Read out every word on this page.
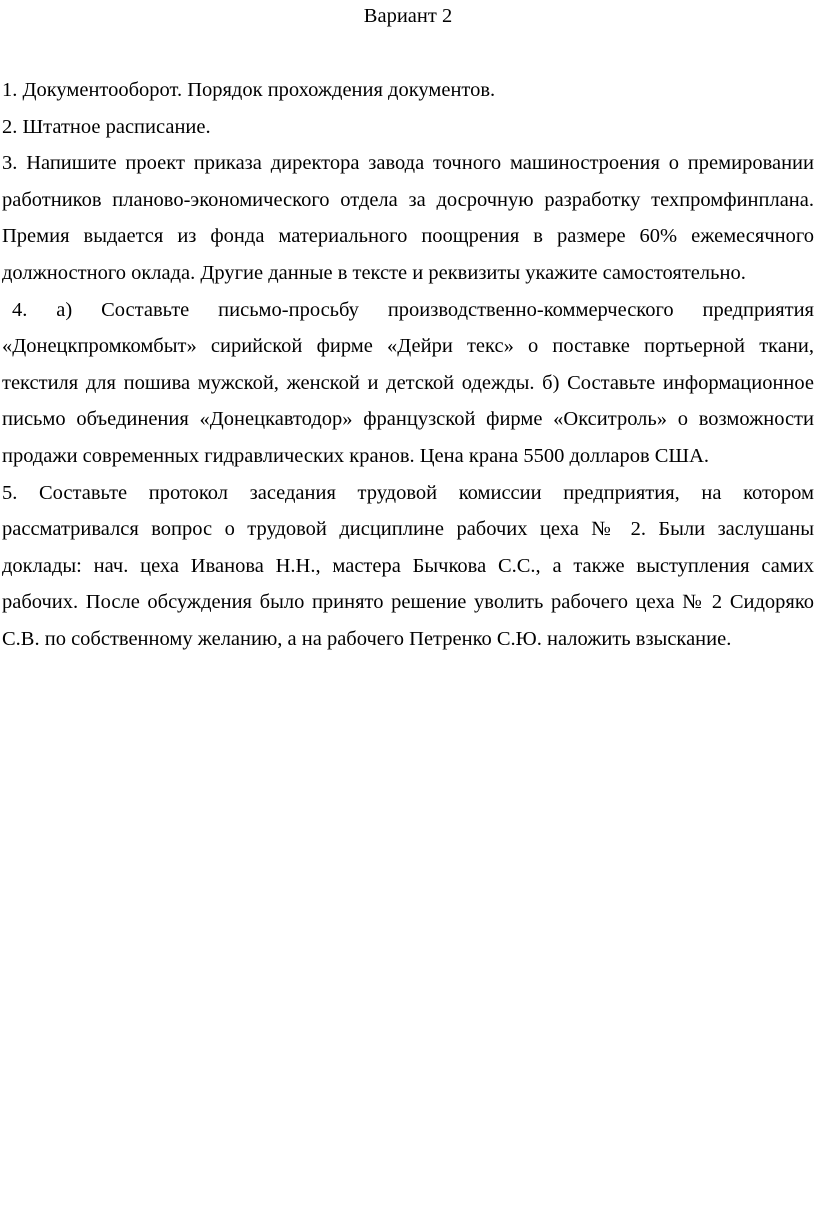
Вариант 2

1. Документооборот. Порядок прохождения документов.

2. Штатное расписание.

3. Напишите проект приказа директора завода точного машиностроения о премировании работников планово-экономического отдела за досрочную разработку техпромфинплана. Премия выдается из фонда материального поощрения в размере 60% ежемесячного должностного оклада. Другие данные в тексте и реквизиты укажите самостоятельно.

4. а) Составьте письмо-просьбу производственно-коммерческого предприятия «Донецкпромкомбыт» сирийской фирме «Дейри текс» о поставке портьерной ткани, текстиля для пошива мужской, женской и детской одежды. б) Составьте информационное письмо объединения «Донецкавтодор» французской фирме «Окситроль» о возможности продажи современных гидравлических кранов. Цена крана 5500 долларов США.

5. Составьте протокол заседания трудовой комиссии предприятия, на котором рассматривался вопрос о трудовой дисциплине рабочих цеха № 2. Были заслушаны доклады: нач. цеха Иванова Н.Н., мастера Бычкова С.С., а также выступления самих рабочих. После обсуждения было принято решение уволить рабочего цеха № 2 Сидоряко С.В. по собственному желанию, а на рабочего Петренко С.Ю. наложить взыскание.
